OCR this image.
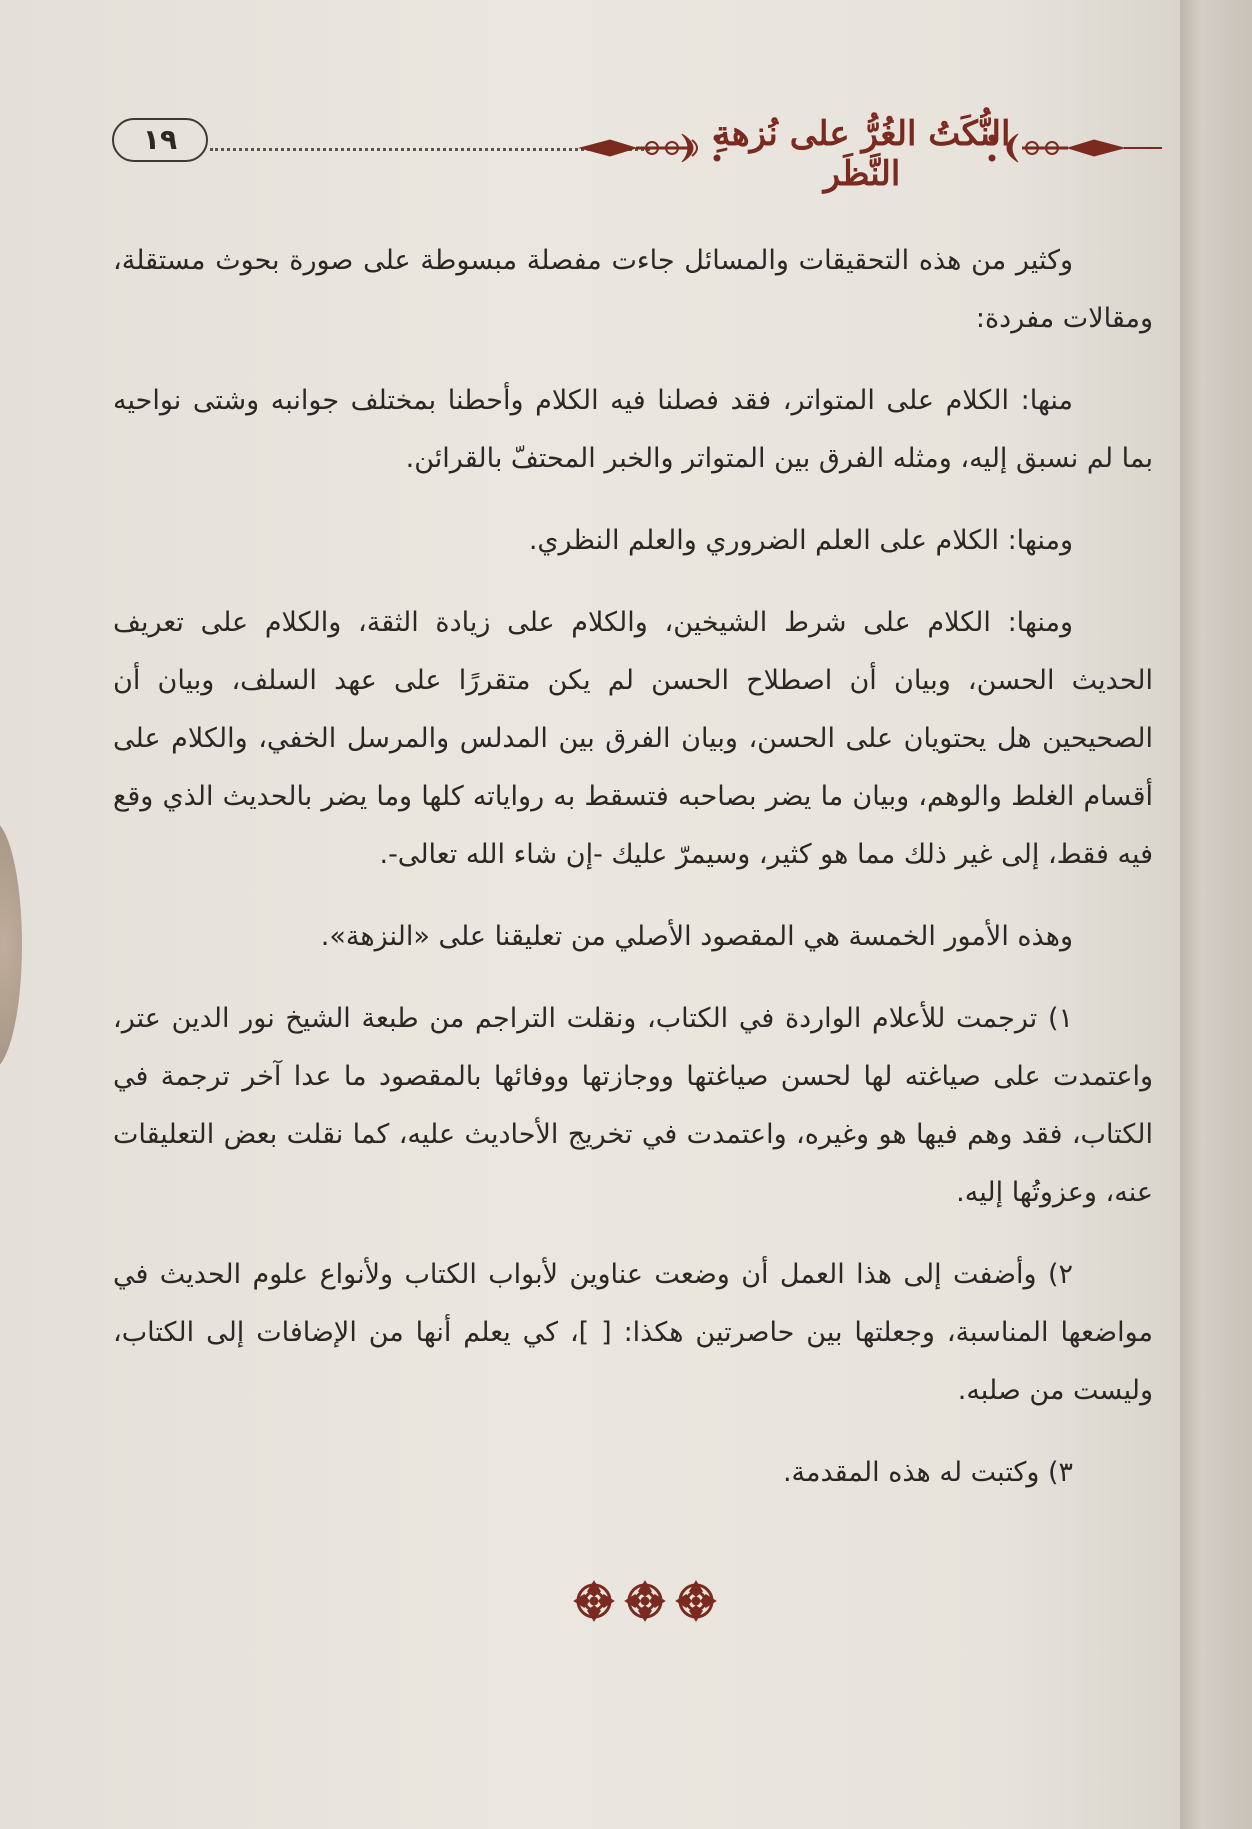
١٩	النُّكَتُ الغُرُّ على نُزهةِ النَّظَر

وكثير من هذه التحقيقات والمسائل جاءت مفصلة مبسوطة على صورة بحوث مستقلة، ومقالات مفردة:

منها: الكلام على المتواتر، فقد فصلنا فيه الكلام وأحطنا بمختلف جوانبه وشتى نواحيه بما لم نسبق إليه، ومثله الفرق بين المتواتر والخبر المحتفّ بالقرائن.

ومنها: الكلام على العلم الضروري والعلم النظري.

ومنها: الكلام على شرط الشيخين، والكلام على زيادة الثقة، والكلام على تعريف الحديث الحسن، وبيان أن اصطلاح الحسن لم يكن متقررًا على عهد السلف، وبيان أن الصحيحين هل يحتويان على الحسن، وبيان الفرق بين المدلس والمرسل الخفي، والكلام على أقسام الغلط والوهم، وبيان ما يضر بصاحبه فتسقط به رواياته كلها وما يضر بالحديث الذي وقع فيه فقط، إلى غير ذلك مما هو كثير، وسيمرّ عليك -إن شاء الله تعالى-.

وهذه الأمور الخمسة هي المقصود الأصلي من تعليقنا على «النزهة».

١) ترجمت للأعلام الواردة في الكتاب، ونقلت التراجم من طبعة الشيخ نور الدين عتر، واعتمدت على صياغته لها لحسن صياغتها ووجازتها ووفائها بالمقصود ما عدا آخر ترجمة في الكتاب، فقد وهم فيها هو وغيره، واعتمدت في تخريج الأحاديث عليه، كما نقلت بعض التعليقات عنه، وعزوتُها إليه.

٢) وأضفت إلى هذا العمل أن وضعت عناوين لأبواب الكتاب ولأنواع علوم الحديث في مواضعها المناسبة، وجعلتها بين حاصرتين هكذا: [ ]، كي يعلم أنها من الإضافات إلى الكتاب، وليست من صلبه.

٣) وكتبت له هذه المقدمة.
